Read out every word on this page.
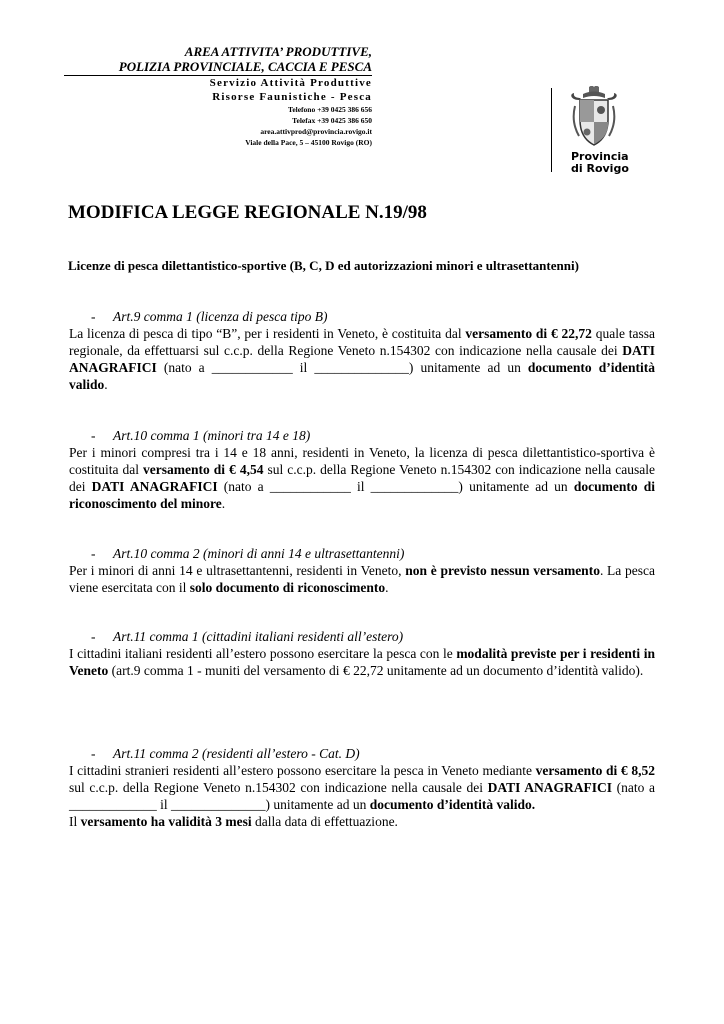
AREA ATTIVITA’ PRODUTTIVE,
POLIZIA PROVINCIALE, CACCIA E PESCA
Servizio Attività Produttive
Risorse Faunistiche - Pesca
Telefono +39 0425 386 656
Telefax +39 0425 386 650
area.attivprod@provincia.rovigo.it
Viale della Pace, 5 – 45100 Rovigo (RO)
Provincia
di Rovigo
MODIFICA LEGGE REGIONALE N.19/98
Licenze di pesca dilettantistico-sportive (B, C, D ed autorizzazioni minori e ultrasettantenni)
- Art.9 comma 1 (licenza di pesca tipo B)

La licenza di pesca di tipo “B”, per i residenti in Veneto, è costituita dal versamento di € 22,72 quale tassa regionale, da effettuarsi sul c.c.p. della Regione Veneto n.154302 con indicazione nella causale dei DATI ANAGRAFICI (nato a ____________ il ______________) unitamente ad un documento d’identità valido.

- Art.10 comma 1 (minori tra 14 e 18)

Per i minori compresi tra i 14 e 18 anni, residenti in Veneto, la licenza di pesca dilettantistico-sportiva è costituita dal versamento di € 4,54 sul c.c.p. della Regione Veneto n.154302 con indicazione nella causale dei DATI ANAGRAFICI (nato a ____________ il _____________) unitamente ad un documento di riconoscimento del minore.

- Art.10 comma 2 (minori di anni 14 e ultrasettantenni)

Per i minori di anni 14 e ultrasettantenni, residenti in Veneto, non è previsto nessun versamento. La pesca viene esercitata con il solo documento di riconoscimento.

- Art.11 comma 1 (cittadini italiani residenti all’estero)

I cittadini italiani residenti all’estero possono esercitare la pesca con le modalità previste per i residenti in Veneto (art.9 comma 1 - muniti del versamento di € 22,72 unitamente ad un documento d’identità valido).

- Art.11 comma 2 (residenti all’estero - Cat. D)

I cittadini stranieri residenti all’estero possono esercitare la pesca in Veneto mediante versamento di € 8,52 sul c.c.p. della Regione Veneto n.154302 con indicazione nella causale dei DATI ANAGRAFICI (nato a _____________ il ______________) unitamente ad un documento d’identità valido.

Il versamento ha validità 3 mesi dalla data di effettuazione.
